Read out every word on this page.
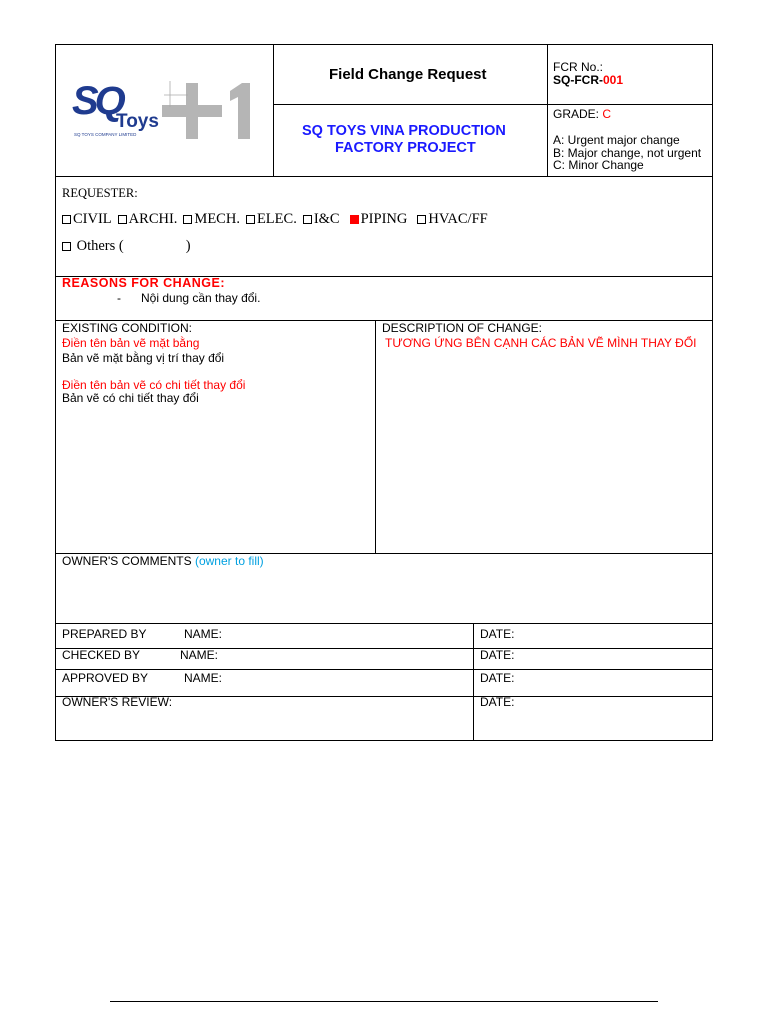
SQ
Toys
SQ TOYS COMPANY LIMITED
Field Change Request
SQ TOYS VINA PRODUCTION
FACTORY PROJECT
FCR No.:
SQ-FCR-001
GRADE: C
A: Urgent major change
B: Major change, not urgent
C: Minor Change
REQUESTER:
CIVIL ARCHI. MECH. ELEC. I&C PIPING HVAC/FF
Others (	)
REASONS FOR CHANGE:
- Nội dung cần thay đổi.
EXISTING CONDITION:
Điền tên bản vẽ mặt bằng
Bản vẽ mặt bằng vị trí thay đổi
Điền tên bản vẽ có chi tiết thay đổi
Bản vẽ có chi tiết thay đổi
DESCRIPTION OF CHANGE:
TƯƠNG ỨNG BÊN CẠNH CÁC BẢN VẼ MÌNH THAY ĐỔI
OWNER'S COMMENTS (owner to fill)
PREPARED BY	NAME:	DATE:
CHECKED BY	NAME:	DATE:
APPROVED BY	NAME:	DATE:
OWNER'S REVIEW:	DATE:
